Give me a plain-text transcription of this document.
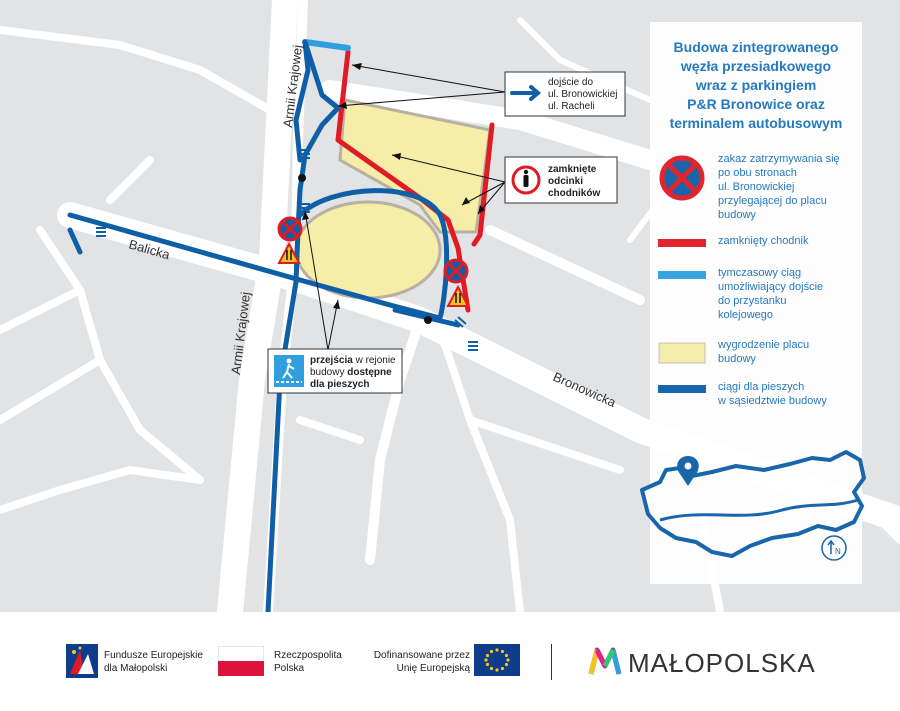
dojście do
ul. Bronowickiej
ul. Racheli
zamknięte
odcinki
chodników
przejścia w rejonie
budowy dostępne
dla pieszych
Armii Krajowej
Armii Krajowej
Balicka
Bronowicka
Budowa zintegrowanego
węzła przesiadkowego
wraz z parkingiem
P&R Bronowice oraz
terminalem autobusowym
zakaz zatrzymywania się
po obu stronach
ul. Bronowickiej
przylegającej do placu
budowy
zamknięty chodnik
tymczasowy ciąg
umożliwiający dojście
do przystanku
kolejowego
wygrodzenie placu
budowy
ciągi dla pieszych
w sąsiedztwie budowy
N
Fundusze Europejskie
dla Małopolski
Rzeczpospolita
Polska
Dofinansowane przez
Unię Europejską	MAŁOPOLSKA
